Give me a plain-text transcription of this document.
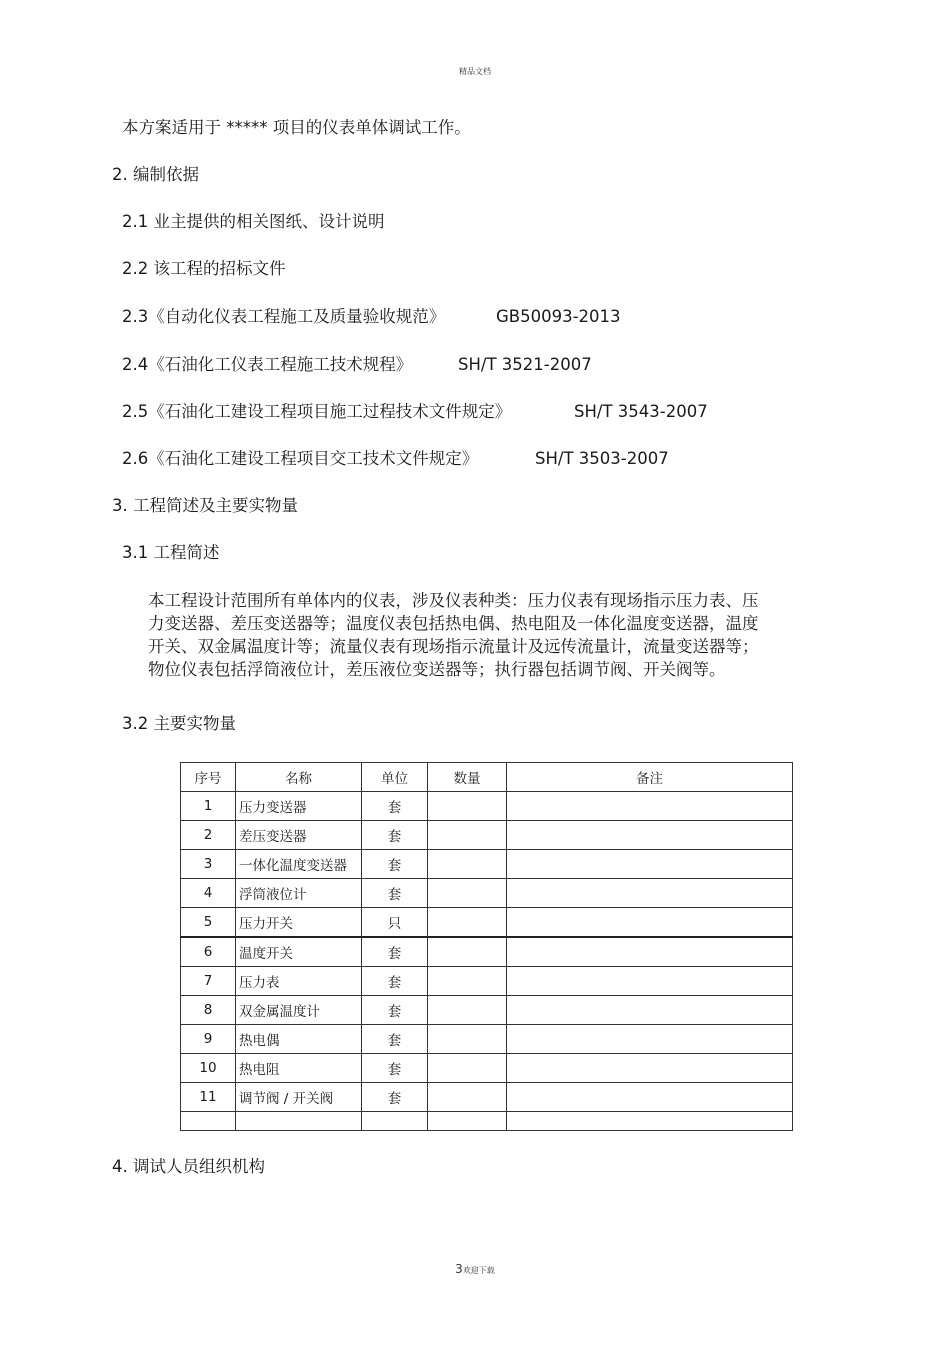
精品文档
本方案适用于 ***** 项目的仪表单体调试工作。
2. 编制依据
2.1 业主提供的相关图纸、设计说明
2.2 该工程的招标文件
2.3《自动化仪表工程施工及质量验收规范》	GB50093-2013
2.4《石油化工仪表工程施工技术规程》	SH/T 3521-2007
2.5《石油化工建设工程项目施工过程技术文件规定》	SH/T 3543-2007
2.6《石油化工建设工程项目交工技术文件规定》	SH/T 3503-2007
3. 工程简述及主要实物量
3.1 工程简述
本工程设计范围所有单体内的仪表，涉及仪表种类：压力仪表有现场指示压力表、压
力变送器、差压变送器等；温度仪表包括热电偶、热电阻及一体化温度变送器，温度
开关、双金属温度计等；流量仪表有现场指示流量计及远传流量计，流量变送器等；
物位仪表包括浮筒液位计，差压液位变送器等；执行器包括调节阀、开关阀等。
3.2 主要实物量
序号	名称	单位	数量	备注
1	压力变送器	套		
2	差压变送器	套		
3	一体化温度变送器	套		
4	浮筒液位计	套		
5	压力开关	只		
6	温度开关	套		
7	压力表	套		
8	双金属温度计	套		
9	热电偶	套		
10	热电阻	套		
11	调节阀 / 开关阀	套		

4. 调试人员组织机构
3欢迎下载
